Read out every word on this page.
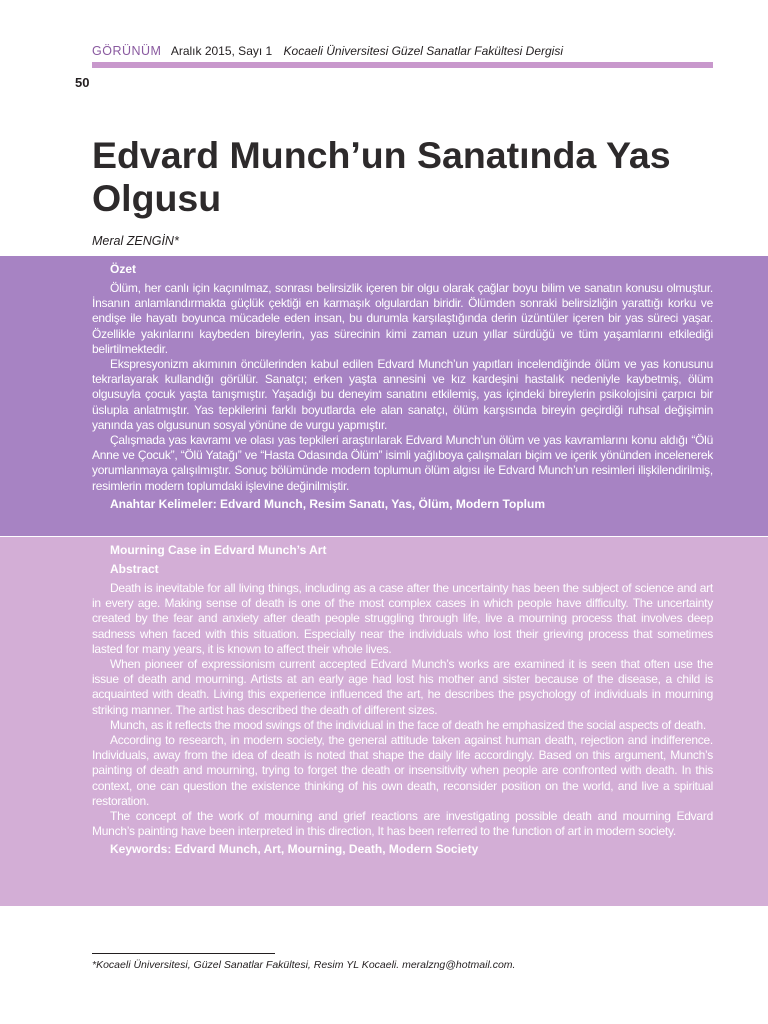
GÖRÜNÜM Aralık 2015, Sayı 1 Kocaeli Üniversitesi Güzel Sanatlar Fakültesi Dergisi
50
Edvard Munch’un Sanatında Yas Olgusu
Meral ZENGİN*
Özet

Ölüm, her canlı için kaçınılmaz, sonrası belirsizlik içeren bir olgu olarak çağlar boyu bilim ve sanatın konusu olmuştur. İnsanın anlamlandırmakta güçlük çektiği en karmaşık olgulardan biridir. Ölümden sonraki belirsizliğin yarattığı korku ve endişe ile hayatı boyunca mücadele eden insan, bu durumla karşılaştığında derin üzüntüler içeren bir yas süreci yaşar. Özellikle yakınlarını kaybeden bireylerin, yas sürecinin kimi zaman uzun yıllar sürdüğü ve tüm yaşamlarını etkilediği belirtilmektedir.

Ekspresyonizm akımının öncülerinden kabul edilen Edvard Munch’un yapıtları incelendiğinde ölüm ve yas konusunu tekrarlayarak kullandığı görülür. Sanatçı; erken yaşta annesini ve kız kardeşini hastalık nedeniyle kaybetmiş, ölüm olgusuyla çocuk yaşta tanışmıştır. Yaşadığı bu deneyim sanatını etkilemiş, yas içindeki bireylerin psikolojisini çarpıcı bir üslupla anlatmıştır. Yas tepkilerini farklı boyutlarda ele alan sanatçı, ölüm karşısında bireyin geçirdiği ruhsal değişimin yanında yas olgusunun sosyal yönüne de vurgu yapmıştır.

Çalışmada yas kavramı ve olası yas tepkileri araştırılarak Edvard Munch’un ölüm ve yas kavramlarını konu aldığı “Ölü Anne ve Çocuk”, “Ölü Yatağı” ve “Hasta Odasında Ölüm” isimli yağlıboya çalışmaları biçim ve içerik yönünden incelenerek yorumlanmaya çalışılmıştır. Sonuç bölümünde modern toplumun ölüm algısı ile Edvard Munch’un resimleri ilişkilendirilmiş, resimlerin modern toplumdaki işlevine değinilmiştir.

Anahtar Kelimeler: Edvard Munch, Resim Sanatı, Yas, Ölüm, Modern Toplum
Mourning Case in Edvard Munch’s Art
Abstract

Death is inevitable for all living things, including as a case after the uncertainty has been the subject of science and art in every age. Making sense of death is one of the most complex cases in which people have difficulty. The uncertainty created by the fear and anxiety after death people struggling through life, live a mourning process that involves deep sadness when faced with this situation. Especially near the individuals who lost their grieving process that sometimes lasted for many years, it is known to affect their whole lives.

When pioneer of expressionism current accepted Edvard Munch’s works are examined it is seen that often use the issue of death and mourning. Artists at an early age had lost his mother and sister because of the disease, a child is acquainted with death. Living this experience influenced the art, he describes the psychology of individuals in mourning striking manner. The artist has described the death of different sizes.

Munch, as it reflects the mood swings of the individual in the face of death he emphasized the social aspects of death.

According to research, in modern society, the general attitude taken against human death, rejection and indifference. Individuals, away from the idea of death is noted that shape the daily life accordingly. Based on this argument, Munch’s painting of death and mourning, trying to forget the death or insensitivity when people are confronted with death. In this context, one can question the existence thinking of his own death, reconsider position on the world, and live a spiritual restoration.

The concept of the work of mourning and grief reactions are investigating possible death and mourning Edvard Munch’s painting have been interpreted in this direction, It has been referred to the function of art in modern society.

Keywords: Edvard Munch, Art, Mourning, Death, Modern Society
*Kocaeli Üniversitesi, Güzel Sanatlar Fakültesi, Resim YL Kocaeli. meralzng@hotmail.com.
